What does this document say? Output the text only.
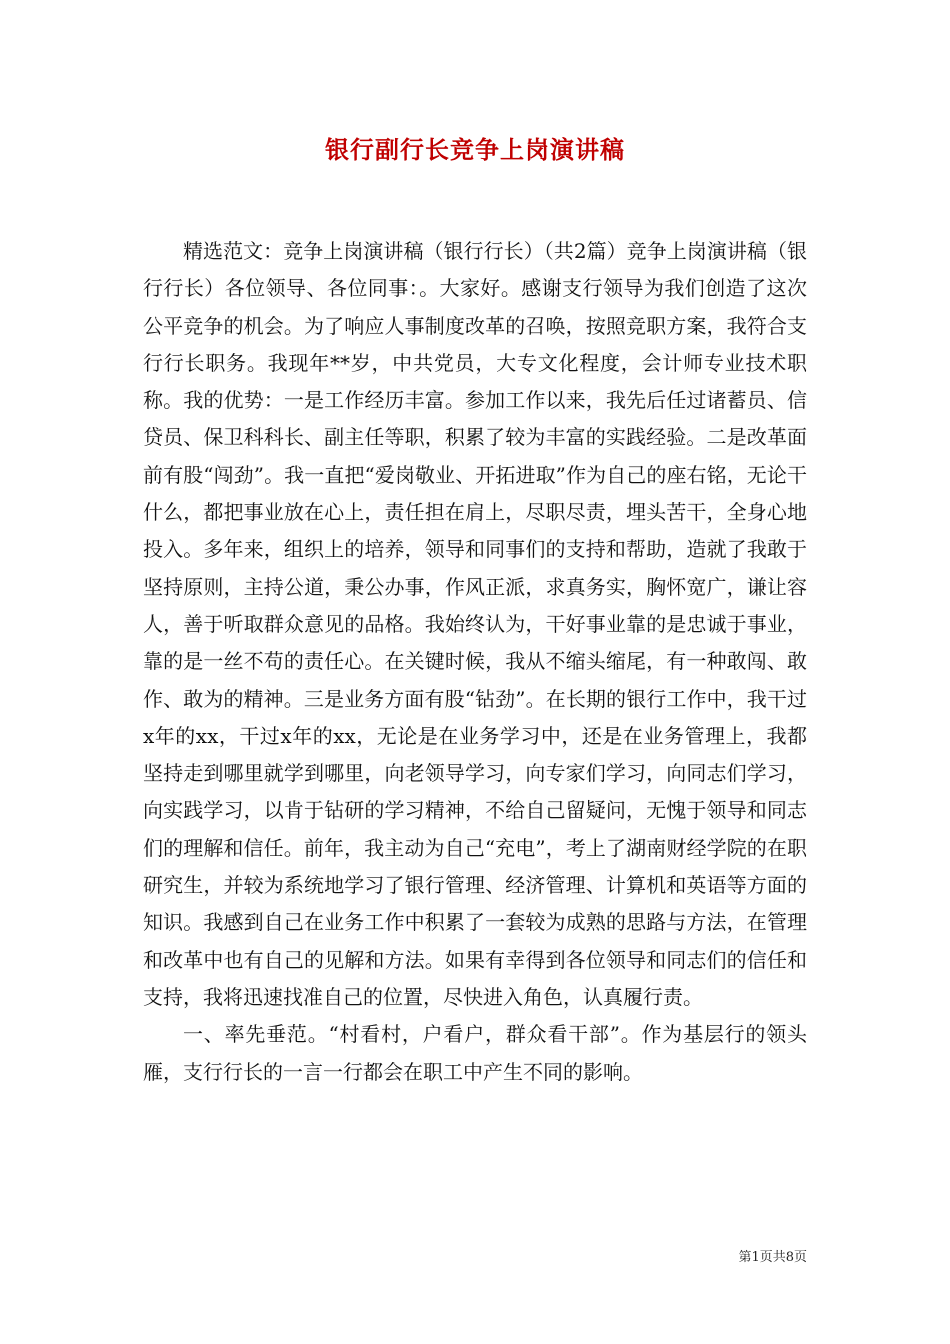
银行副行长竞争上岗演讲稿

精选范文：竞争上岗演讲稿（银行行长）（共2篇）竞争上岗演讲稿（银行行长）各位领导、各位同事：。大家好。感谢支行领导为我们创造了这次公平竞争的机会。为了响应人事制度改革的召唤，按照竞职方案，我符合支行行长职务。我现年**岁，中共党员，大专文化程度，会计师专业技术职称。我的优势：一是工作经历丰富。参加工作以来，我先后任过诸蓄员、信贷员、保卫科科长、副主任等职，积累了较为丰富的实践经验。二是改革面前有股“闯劲”。我一直把“爱岗敬业、开拓进取”作为自己的座右铭，无论干什么，都把事业放在心上，责任担在肩上，尽职尽责，埋头苦干，全身心地投入。多年来，组织上的培养，领导和同事们的支持和帮助，造就了我敢于坚持原则，主持公道，秉公办事，作风正派，求真务实，胸怀宽广，谦让容人，善于听取群众意见的品格。我始终认为，干好事业靠的是忠诚于事业，靠的是一丝不苟的责任心。在关键时候，我从不缩头缩尾，有一种敢闯、敢作、敢为的精神。三是业务方面有股“钻劲”。在长期的银行工作中，我干过x年的xx，干过x年的xx，无论是在业务学习中，还是在业务管理上，我都坚持走到哪里就学到哪里，向老领导学习，向专家们学习，向同志们学习，向实践学习，以肯于钻研的学习精神，不给自己留疑问，无愧于领导和同志们的理解和信任。前年，我主动为自己“充电”，考上了湖南财经学院的在职研究生，并较为系统地学习了银行管理、经济管理、计算机和英语等方面的知识。我感到自己在业务工作中积累了一套较为成熟的思路与方法，在管理和改革中也有自己的见解和方法。如果有幸得到各位领导和同志们的信任和支持，我将迅速找准自己的位置，尽快进入角色，认真履行责。

一、率先垂范。“村看村，户看户，群众看干部”。作为基层行的领头雁，支行行长的一言一行都会在职工中产生不同的影响。

第1页共8页
